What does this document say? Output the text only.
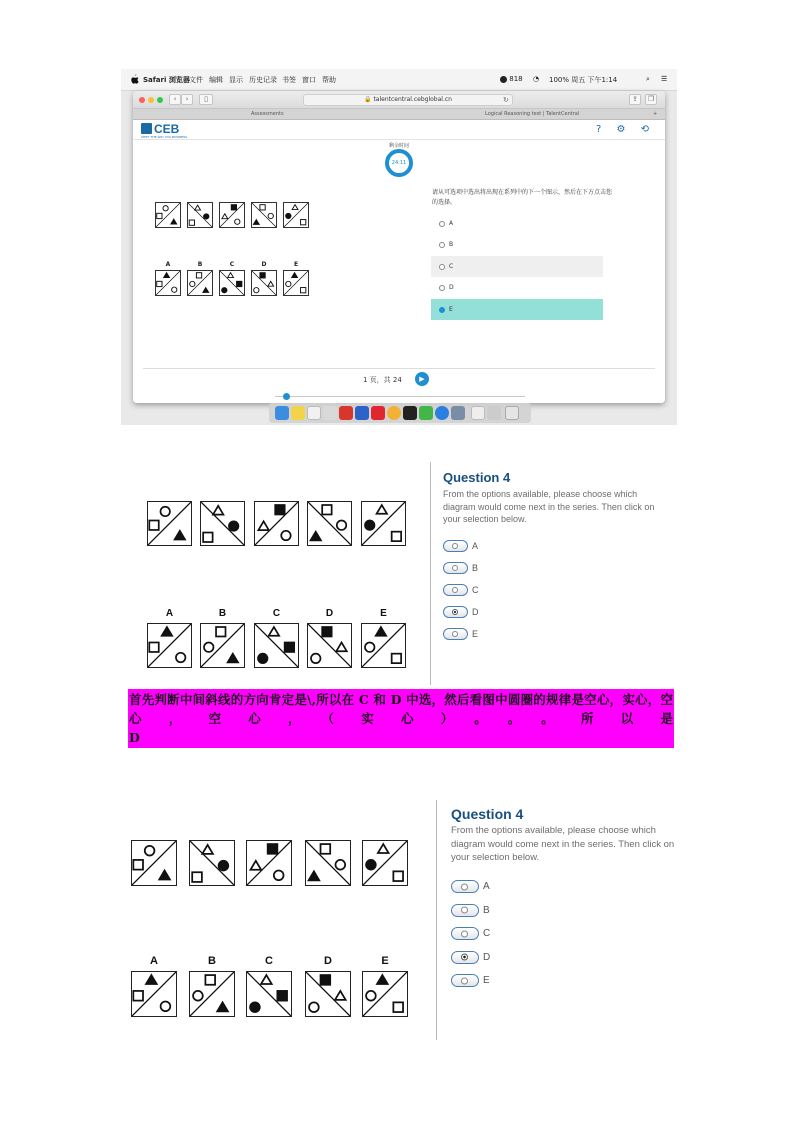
Safari 浏览器 文件 编辑 显示 历史记录 书签 窗口 帮助	818 ◔ 100% 周五 下午1:14	⌕ ☰
‹	›	▯	🔒 talentcentral.cebglobal.cn	↻	⇪	❐
Assessments	Logical Reasoning test | TalentCentral	+
CEB
SHIFT THE WAY YOU BUSINESS
? ⚙ ⟲
剩余时间
24:11
A	B	C	D	E
请从可选项中选出将出现在系列中的下一个图示，然后在下方点击您的选择。
A
B
C
D
E
1 页，共 24	▶
A	B	C	D	E
Question 4
From the options available, please choose which diagram would come next in the series. Then click on your selection below.
A
B
C
D
E
首先判断中间斜线的方向肯定是\,所以在 C 和 D 中选，然后看图中圆圈的规律是空心，实心，空心，空心，（实心）。。。所以是
D
A	B	C	D	E
Question 4
From the options available, please choose which diagram would come next in the series. Then click on your selection below.
A
B
C
D
E
